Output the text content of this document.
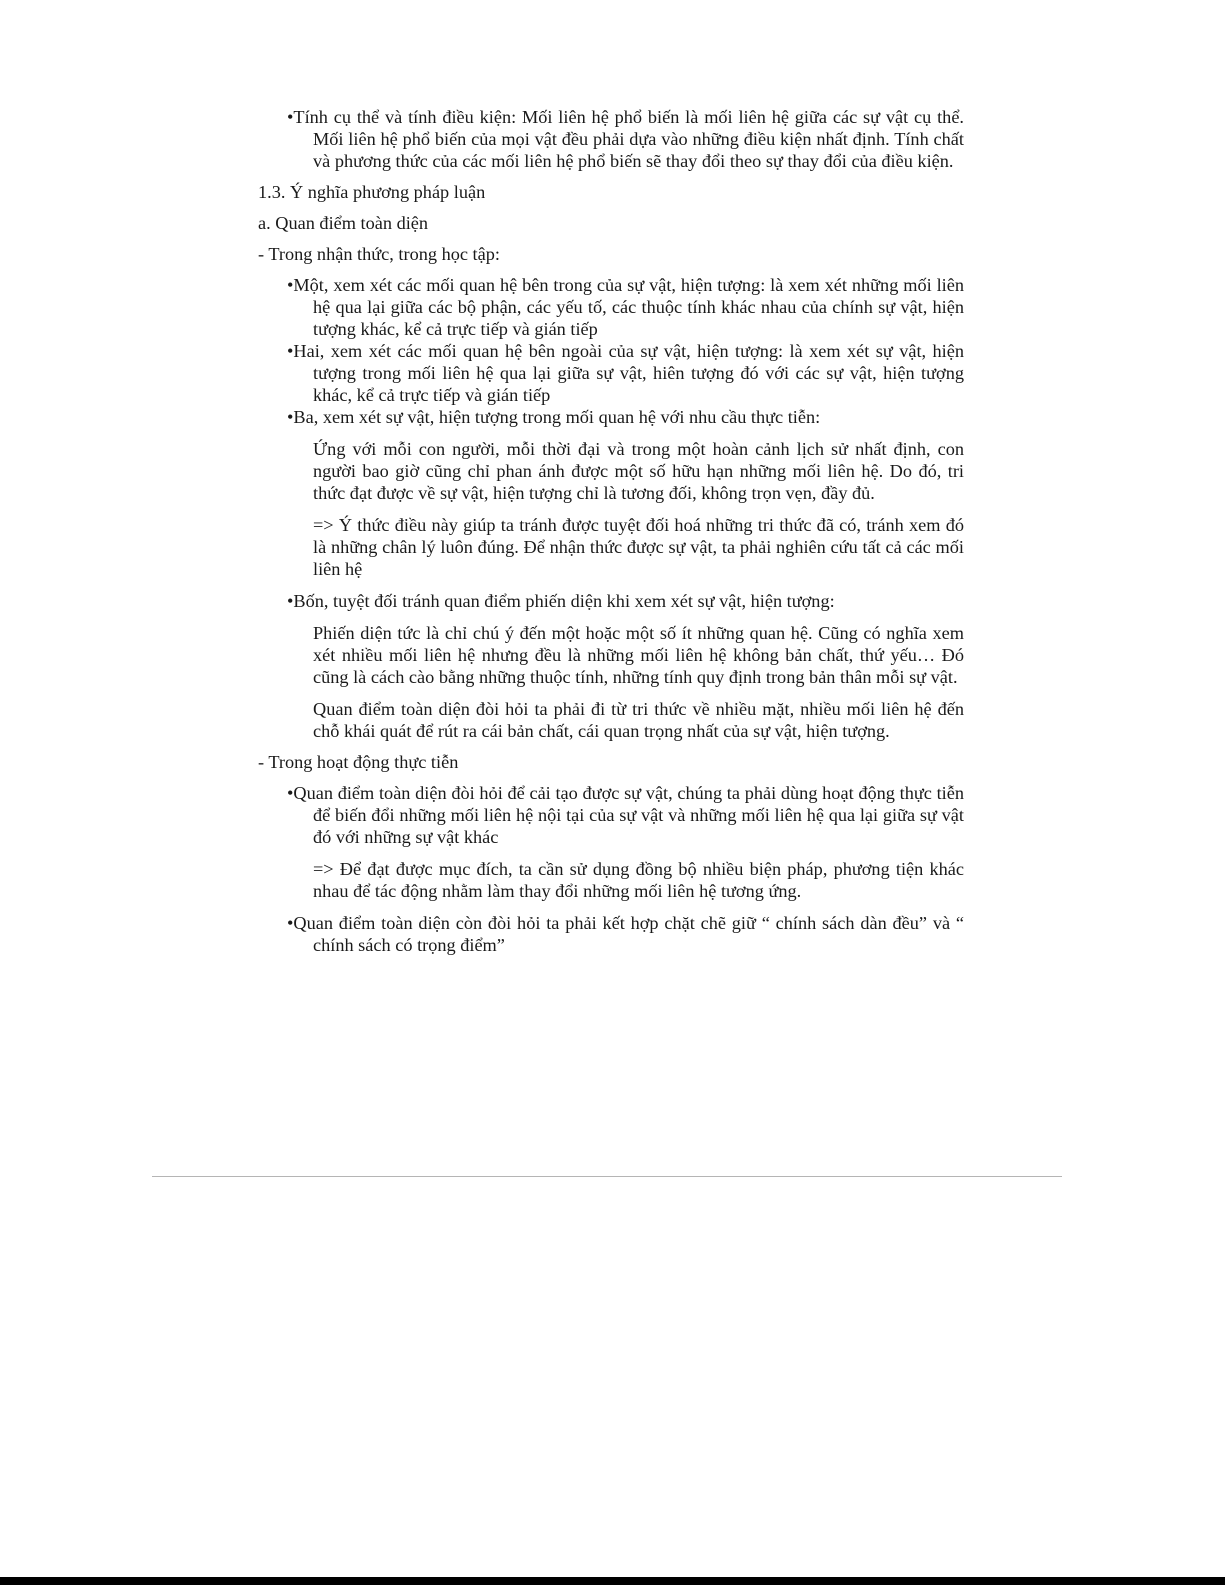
•Tính cụ thể và tính điều kiện: Mối liên hệ phổ biến là mối liên hệ giữa các sự vật cụ thể. Mối liên hệ phổ biến của mọi vật đều phải dựa vào những điều kiện nhất định. Tính chất và phương thức của các mối liên hệ phổ biến sẽ thay đổi theo sự thay đổi của điều kiện.

1.3. Ý nghĩa phương pháp luận

a. Quan điểm toàn diện

- Trong nhận thức, trong học tập:

•Một, xem xét các mối quan hệ bên trong của sự vật, hiện tượng: là xem xét những mối liên hệ qua lại giữa các bộ phận, các yếu tố, các thuộc tính khác nhau của chính sự vật, hiện tượng khác, kể cả trực tiếp và gián tiếp

•Hai, xem xét các mối quan hệ bên ngoài của sự vật, hiện tượng: là xem xét sự vật, hiện tượng trong mối liên hệ qua lại giữa sự vật, hiên tượng đó với các sự vật, hiện tượng khác, kể cả trực tiếp và gián tiếp

•Ba, xem xét sự vật, hiện tượng trong mối quan hệ với nhu cầu thực tiễn:

Ứng với mỗi con người, mỗi thời đại và trong một hoàn cảnh lịch sử nhất định, con người bao giờ cũng chỉ phan ánh được một số hữu hạn những mối liên hệ. Do đó, tri thức đạt được về sự vật, hiện tượng chỉ là tương đối, không trọn vẹn, đầy đủ.

=> Ý thức điều này giúp ta tránh được tuyệt đối hoá những tri thức đã có, tránh xem đó là những chân lý luôn đúng. Để nhận thức được sự vật, ta phải nghiên cứu tất cả các mối liên hệ

•Bốn, tuyệt đối tránh quan điểm phiến diện khi xem xét sự vật, hiện tượng:

Phiến diện tức là chỉ chú ý đến một hoặc một số ít những quan hệ. Cũng có nghĩa xem xét nhiều mối liên hệ nhưng đều là những mối liên hệ không bản chất, thứ yếu… Đó cũng là cách cào bằng những thuộc tính, những tính quy định trong bản thân mỗi sự vật.

Quan điểm toàn diện đòi hỏi ta phải đi từ tri thức về nhiều mặt, nhiều mối liên hệ đến chỗ khái quát để rút ra cái bản chất, cái quan trọng nhất của sự vật, hiện tượng.

- Trong hoạt động thực tiễn

•Quan điểm toàn diện đòi hỏi để cải tạo được sự vật, chúng ta phải dùng hoạt động thực tiễn để biến đổi những mối liên hệ nội tại của sự vật và những mối liên hệ qua lại giữa sự vật đó với những sự vật khác

=> Để đạt được mục đích, ta cần sử dụng đồng bộ nhiều biện pháp, phương tiện khác nhau để tác động nhằm làm thay đổi những mối liên hệ tương ứng.

•Quan điểm toàn diện còn đòi hỏi ta phải kết hợp chặt chẽ giữ “ chính sách dàn đều” và “ chính sách có trọng điểm”
